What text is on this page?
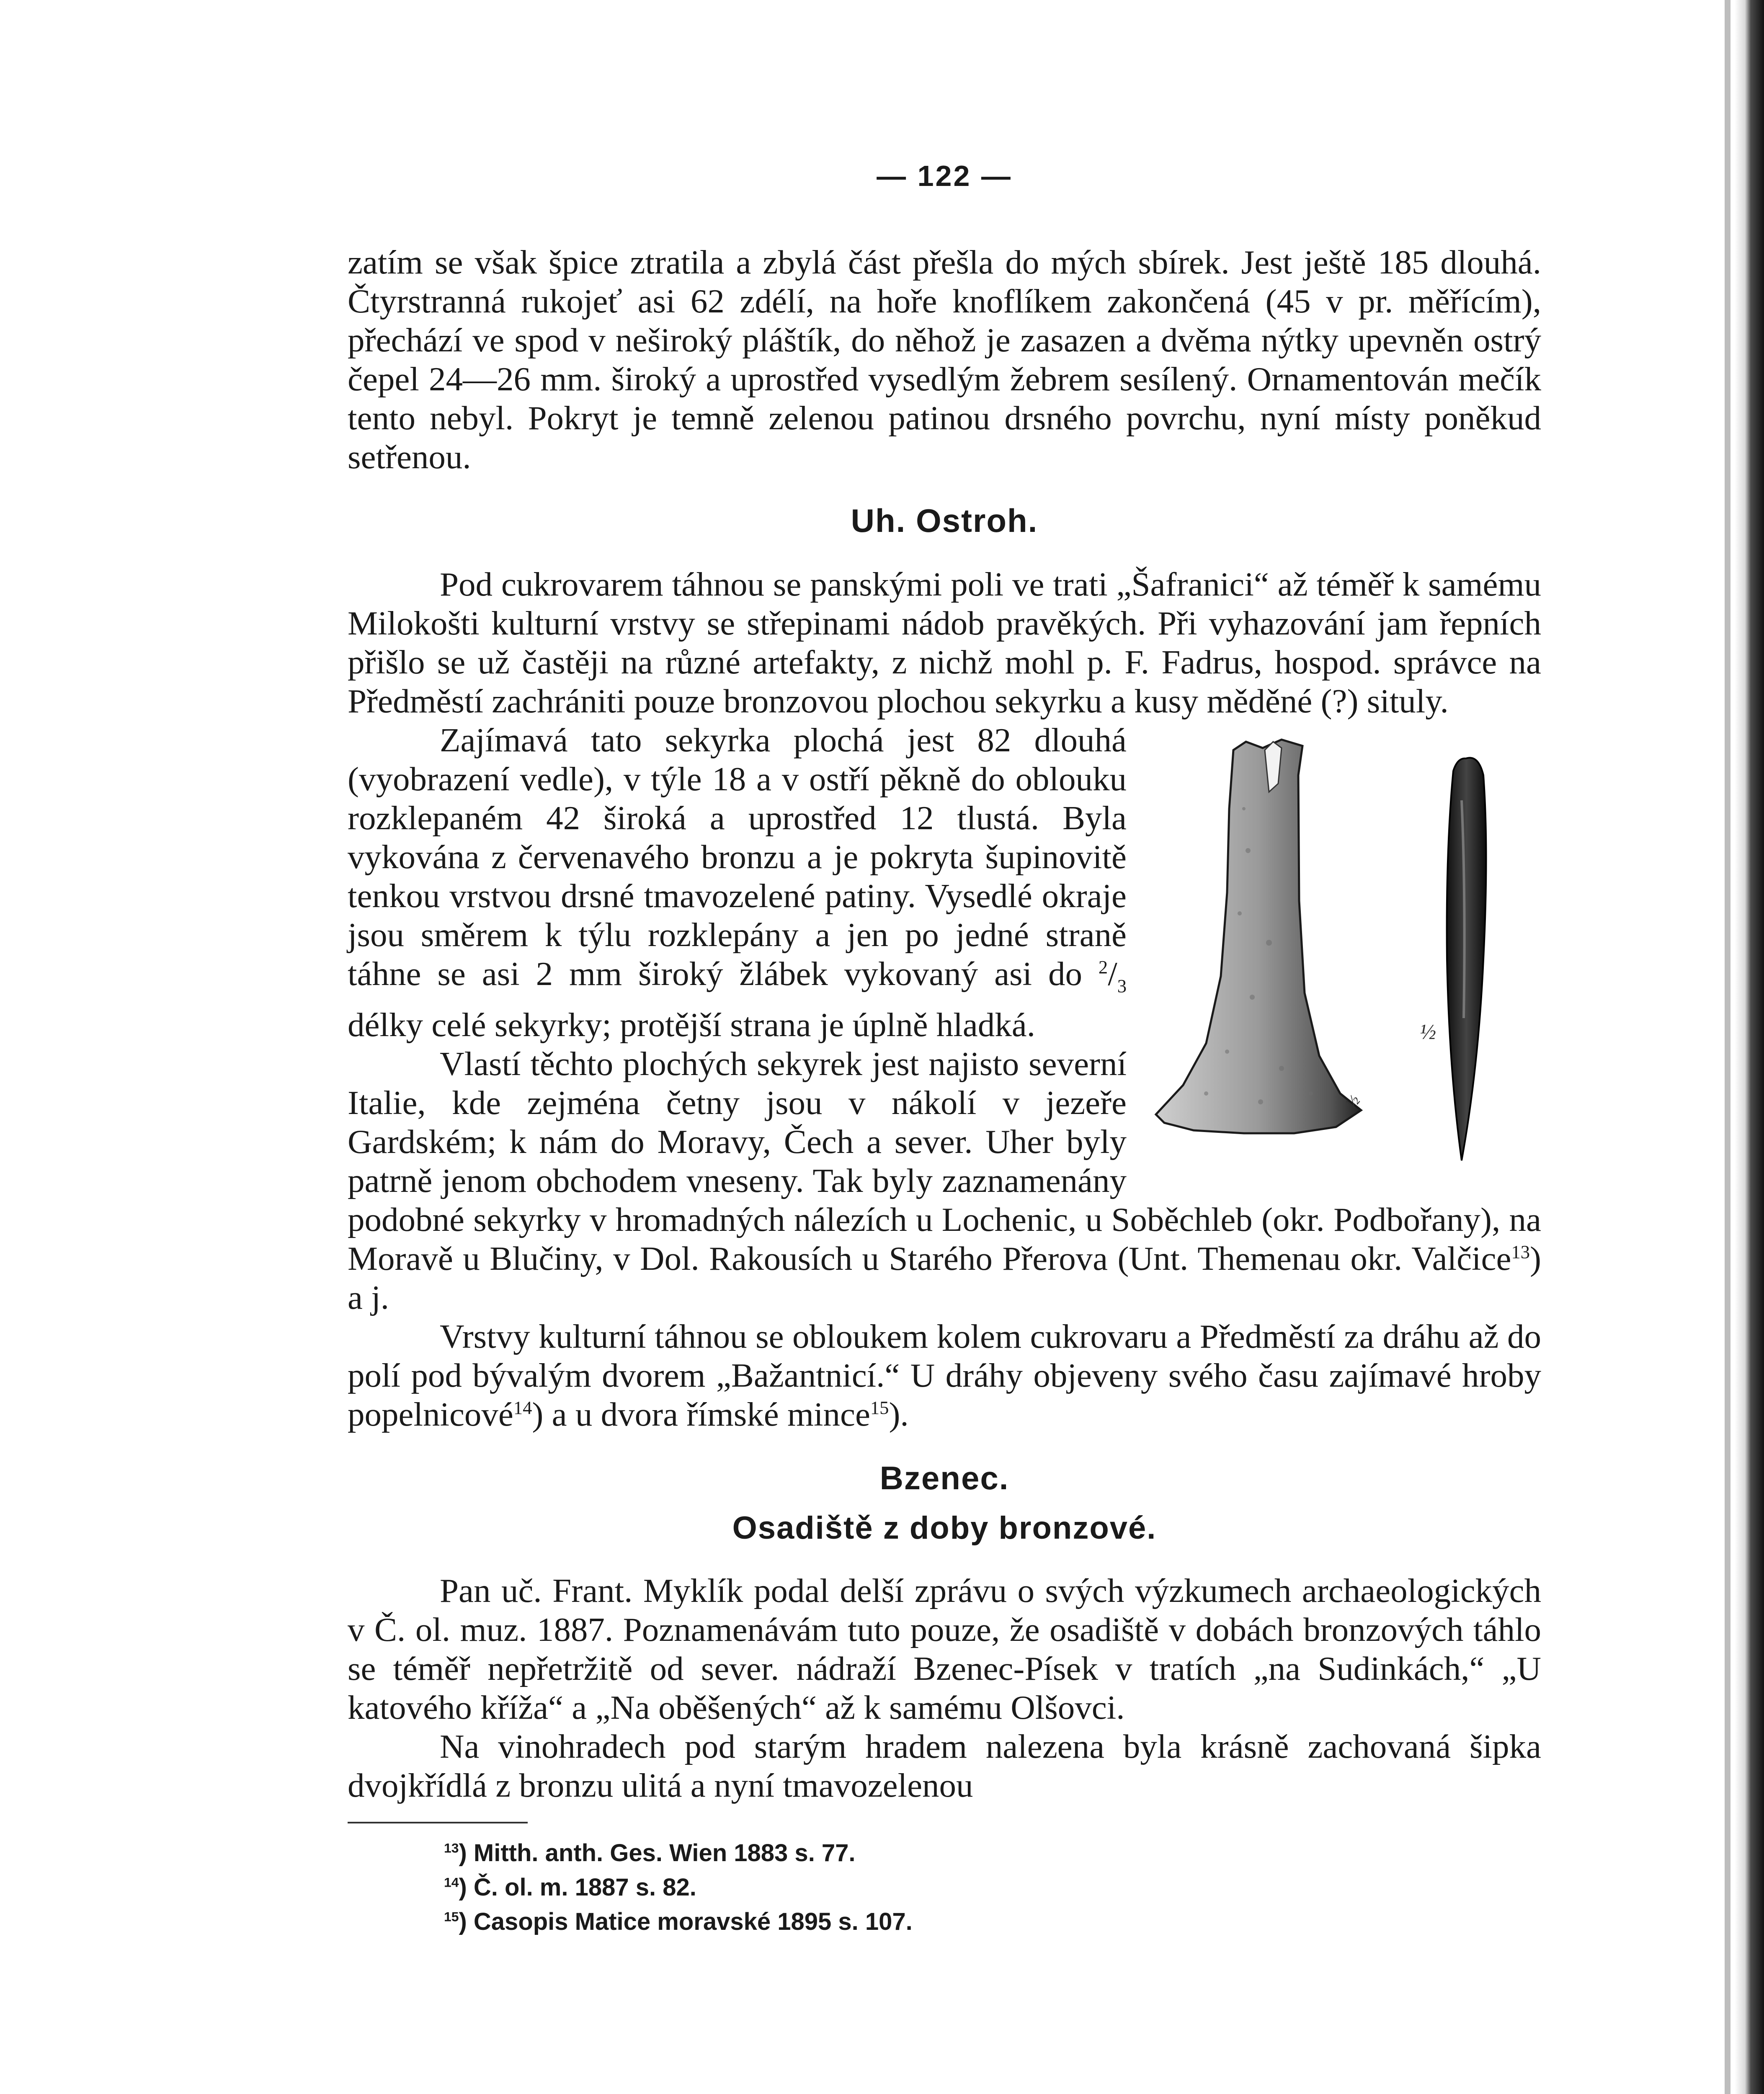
— 122 —

zatím se však špice ztratila a zbylá část přešla do mých sbírek. Jest ještě 185 dlouhá. Čtyrstranná rukojeť asi 62 zdélí, na hoře knoflíkem zakončená (45 v pr. měřícím), přechází ve spod v neširoký pláštík, do něhož je zasazen a dvěma nýtky upevněn ostrý čepel 24—26 mm. široký a uprostřed vysedlým žebrem sesílený. Ornamentován mečík tento nebyl. Pokryt je temně zelenou patinou drsného povrchu, nyní místy poněkud setřenou.

Uh. Ostroh.

Pod cukrovarem táhnou se panskými poli ve trati „Šafranici“ až téměř k samému Milokošti kulturní vrstvy se střepinami nádob pravěkých. Při vyhazování jam řepních přišlo se už častěji na různé artefakty, z nichž mohl p. F. Fadrus, hospod. správce na Předměstí zachrániti pouze bronzovou plochou sekyrku a kusy měděné (?) situly.

½
½

Zajímavá tato sekyrka plochá jest 82 dlouhá (vyobrazení vedle), v týle 18 a v ostří pěkně do oblouku rozklepaném 42 široká a uprostřed 12 tlustá. Byla vykována z červenavého bronzu a je pokryta šupinovitě tenkou vrstvou drsné tmavozelené patiny. Vysedlé okraje jsou směrem k týlu rozklepány a jen po jedné straně táhne se asi 2 mm široký žlábek vykovaný asi do $^2/_3$ délky celé sekyrky; protější strana je úplně hladká.

Vlastí těchto plochých sekyrek jest najisto severní Italie, kde zejména četny jsou v nákolí v jezeře Gardském; k nám do Moravy, Čech a sever. Uher byly patrně jenom obchodem vneseny. Tak byly zaznamenány podobné sekyrky v hromadných nálezích u Lochenic, u Soběchleb (okr. Podbořany), na Moravě u Blučiny, v Dol. Rakousích u Starého Přerova (Unt. Themenau okr. Valčice$^{13}$) a j.

Vrstvy kulturní táhnou se obloukem kolem cukrovaru a Předměstí za dráhu až do polí pod bývalým dvorem „Bažantnicí.“ U dráhy objeveny svého času zajímavé hroby popelnicové$^{14}$) a u dvora římské mince$^{15}$).

Bzenec.
Osadiště z doby bronzové.

Pan uč. Frant. Myklík podal delší zprávu o svých výzkumech archaeologických v Č. ol. muz. 1887. Poznamenávám tuto pouze, že osadiště v dobách bronzových táhlo se téměř nepřetržitě od sever. nádraží Bzenec-Písek v tratích „na Sudinkách,“ „U katového kříža“ a „Na oběšených“ až k samému Olšovci.

Na vinohradech pod starým hradem nalezena byla krásně zachovaná šipka dvojkřídlá z bronzu ulitá a nyní tmavozelenou

$^{13}$) Mitth. anth. Ges. Wien 1883 s. 77.
$^{14}$) Č. ol. m. 1887 s. 82.
$^{15}$) Casopis Matice moravské 1895 s. 107.
